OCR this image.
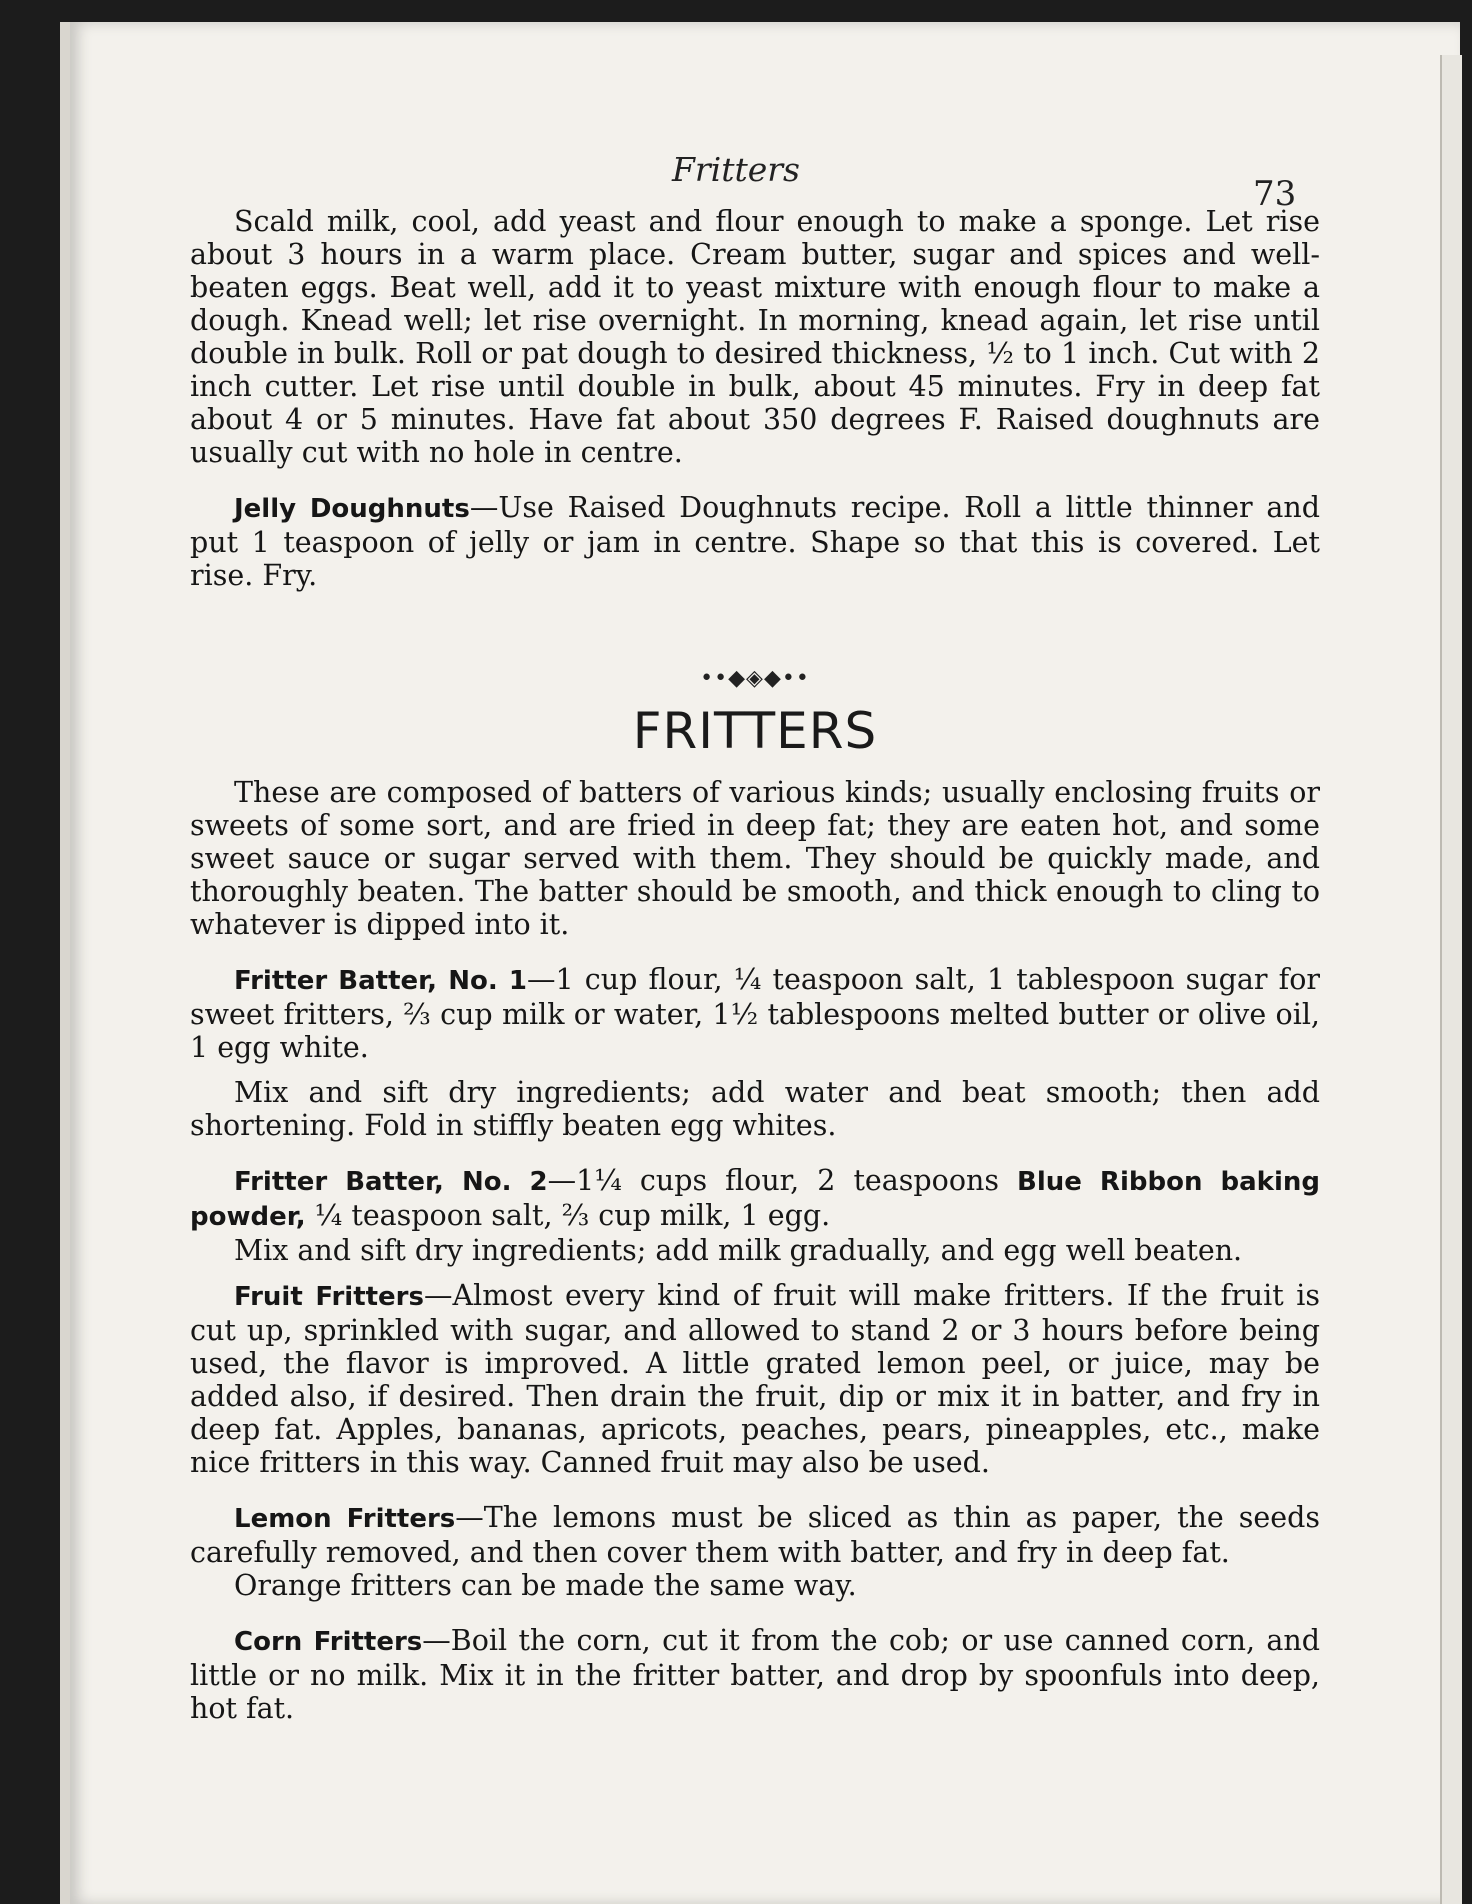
Fritters
73

Scald milk, cool, add yeast and flour enough to make a sponge. Let rise about 3 hours in a warm place. Cream butter, sugar and spices and well-beaten eggs. Beat well, add it to yeast mixture with enough flour to make a dough. Knead well; let rise overnight. In morning, knead again, let rise until double in bulk. Roll or pat dough to desired thickness, ½ to 1 inch. Cut with 2 inch cutter. Let rise until double in bulk, about 45 minutes. Fry in deep fat about 4 or 5 minutes. Have fat about 350 degrees F. Raised doughnuts are usually cut with no hole in centre.

Jelly Doughnuts—Use Raised Doughnuts recipe. Roll a little thinner and put 1 teaspoon of jelly or jam in centre. Shape so that this is covered. Let rise. Fry.

••◆◈◆••
FRITTERS

These are composed of batters of various kinds; usually enclosing fruits or sweets of some sort, and are fried in deep fat; they are eaten hot, and some sweet sauce or sugar served with them. They should be quickly made, and thoroughly beaten. The batter should be smooth, and thick enough to cling to whatever is dipped into it.

Fritter Batter, No. 1—1 cup flour, ¼ teaspoon salt, 1 tablespoon sugar for sweet fritters, ⅔ cup milk or water, 1½ tablespoons melted butter or olive oil, 1 egg white.

Mix and sift dry ingredients; add water and beat smooth; then add shortening. Fold in stiffly beaten egg whites.

Fritter Batter, No. 2—1¼ cups flour, 2 teaspoons Blue Ribbon baking powder, ¼ teaspoon salt, ⅔ cup milk, 1 egg.

Mix and sift dry ingredients; add milk gradually, and egg well beaten.

Fruit Fritters—Almost every kind of fruit will make fritters. If the fruit is cut up, sprinkled with sugar, and allowed to stand 2 or 3 hours before being used, the flavor is improved. A little grated lemon peel, or juice, may be added also, if desired. Then drain the fruit, dip or mix it in batter, and fry in deep fat. Apples, bananas, apricots, peaches, pears, pineapples, etc., make nice fritters in this way. Canned fruit may also be used.

Lemon Fritters—The lemons must be sliced as thin as paper, the seeds carefully removed, and then cover them with batter, and fry in deep fat.

Orange fritters can be made the same way.

Corn Fritters—Boil the corn, cut it from the cob; or use canned corn, and little or no milk. Mix it in the fritter batter, and drop by spoonfuls into deep, hot fat.
